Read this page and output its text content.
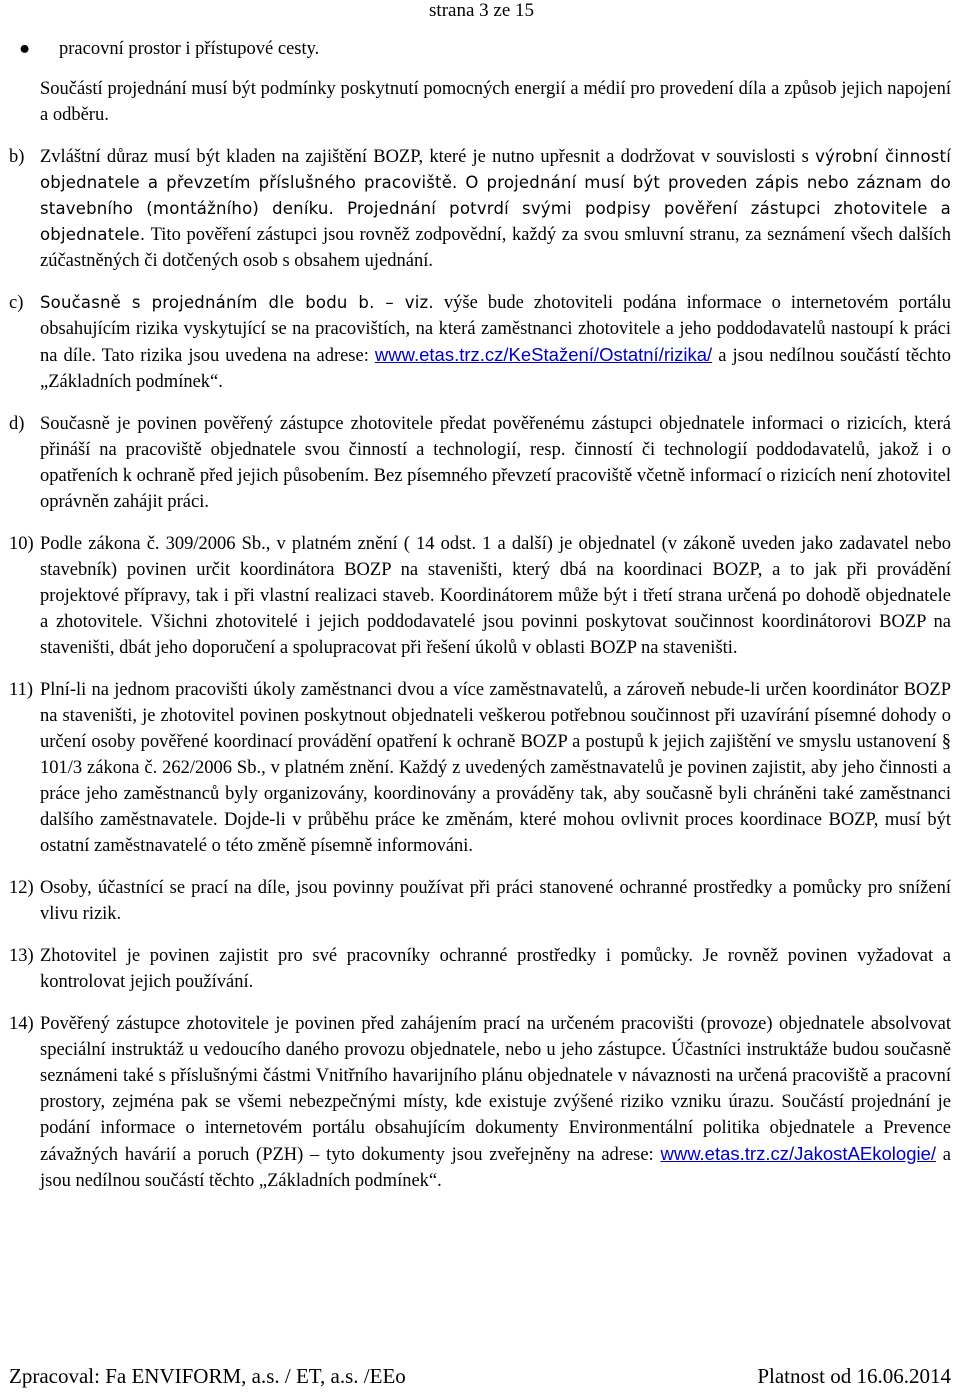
strana 3 ze 15
●	pracovní prostor i přístupové cesty.
Součástí projednání musí být podmínky poskytnutí pomocných energií a médií pro provedení díla a způsob jejich napojení a odběru.
b) Zvláštní důraz musí být kladen na zajištění BOZP, které je nutno upřesnit a dodržovat v souvislosti s výrobní činností objednatele a převzetím příslušného pracoviště. O projednání musí být proveden zápis nebo záznam do stavebního (montážního) deníku. Projednání potvrdí svými podpisy pověření zástupci zhotovitele a objednatele. Tito pověření zástupci jsou rovněž zodpovědní, každý za svou smluvní stranu, za seznámení všech dalších zúčastněných či dotčených osob s obsahem ujednání.
c)	Současně s projednáním dle bodu b. – viz. výše bude zhotoviteli podána informace o internetovém portálu obsahujícím rizika vyskytující se na pracovištích, na která zaměstnanci zhotovitele a jeho poddodavatelů nastoupí k práci na díle. Tato rizika jsou uvedena na adrese: www.etas.trz.cz/KeStažení/Ostatní/rizika/ a jsou nedílnou součástí těchto „Základních podmínek“.
d) Současně je povinen pověřený zástupce zhotovitele předat pověřenému zástupci objednatele informaci o rizicích, která přináší na pracoviště objednatele svou činností a technologií, resp. činností či technologií poddodavatelů, jakož i o opatřeních k ochraně před jejich působením. Bez písemného převzetí pracoviště včetně informací o rizicích není zhotovitel oprávněn zahájit práci.
10) Podle zákona č. 309/2006 Sb., v platném znění ( 14 odst. 1 a další) je objednatel (v zákoně uveden jako zadavatel nebo stavebník) povinen určit koordinátora BOZP na staveništi, který dbá na koordinaci BOZP, a to jak při provádění projektové přípravy, tak i při vlastní realizaci staveb. Koordinátorem může být i třetí strana určená po dohodě objednatele a zhotovitele. Všichni zhotovitelé i jejich poddodavatelé jsou povinni poskytovat součinnost koordinátorovi BOZP na staveništi, dbát jeho doporučení a spolupracovat při řešení úkolů v oblasti BOZP na staveništi.
11) Plní-li na jednom pracovišti úkoly zaměstnanci dvou a více zaměstnavatelů, a zároveň nebude-li určen koordinátor BOZP na staveništi, je zhotovitel povinen poskytnout objednateli veškerou potřebnou součinnost při uzavírání písemné dohody o určení osoby pověřené koordinací provádění opatření k ochraně BOZP a postupů k jejich zajištění ve smyslu ustanovení § 101/3 zákona č. 262/2006 Sb., v platném znění. Každý z uvedených zaměstnavatelů je povinen zajistit, aby jeho činnosti a práce jeho zaměstnanců byly organizovány, koordinovány a prováděny tak, aby současně byli chráněni také zaměstnanci dalšího zaměstnavatele. Dojde-li v průběhu práce ke změnám, které mohou ovlivnit proces koordinace BOZP, musí být ostatní zaměstnavatelé o této změně písemně informováni.
12) Osoby, účastnící se prací na díle, jsou povinny používat při práci stanovené ochranné prostředky a pomůcky pro snížení vlivu rizik.
13) Zhotovitel je povinen zajistit pro své pracovníky ochranné prostředky i pomůcky. Je rovněž povinen vyžadovat a kontrolovat jejich používání.
14) Pověřený zástupce zhotovitele je povinen před zahájením prací na určeném pracovišti (provoze) objednatele absolvovat speciální instruktáž u vedoucího daného provozu objednatele, nebo u jeho zástupce. Účastníci instruktáže budou současně seznámeni také s příslušnými částmi Vnitřního havarijního plánu objednatele v návaznosti na určená pracoviště a pracovní prostory, zejména pak se všemi nebezpečnými místy, kde existuje zvýšené riziko vzniku úrazu. Součástí projednání je podání informace o internetovém portálu obsahujícím dokumenty Environmentální politika objednatele a Prevence závažných havárií a poruch (PZH) – tyto dokumenty jsou zveřejněny na adrese: www.etas.trz.cz/JakostAEkologie/ a jsou nedílnou součástí těchto „Základních podmínek“.
Zpracoval: Fa ENVIFORM, a.s. / ET, a.s. /EEo	Platnost od 16.06.2014
